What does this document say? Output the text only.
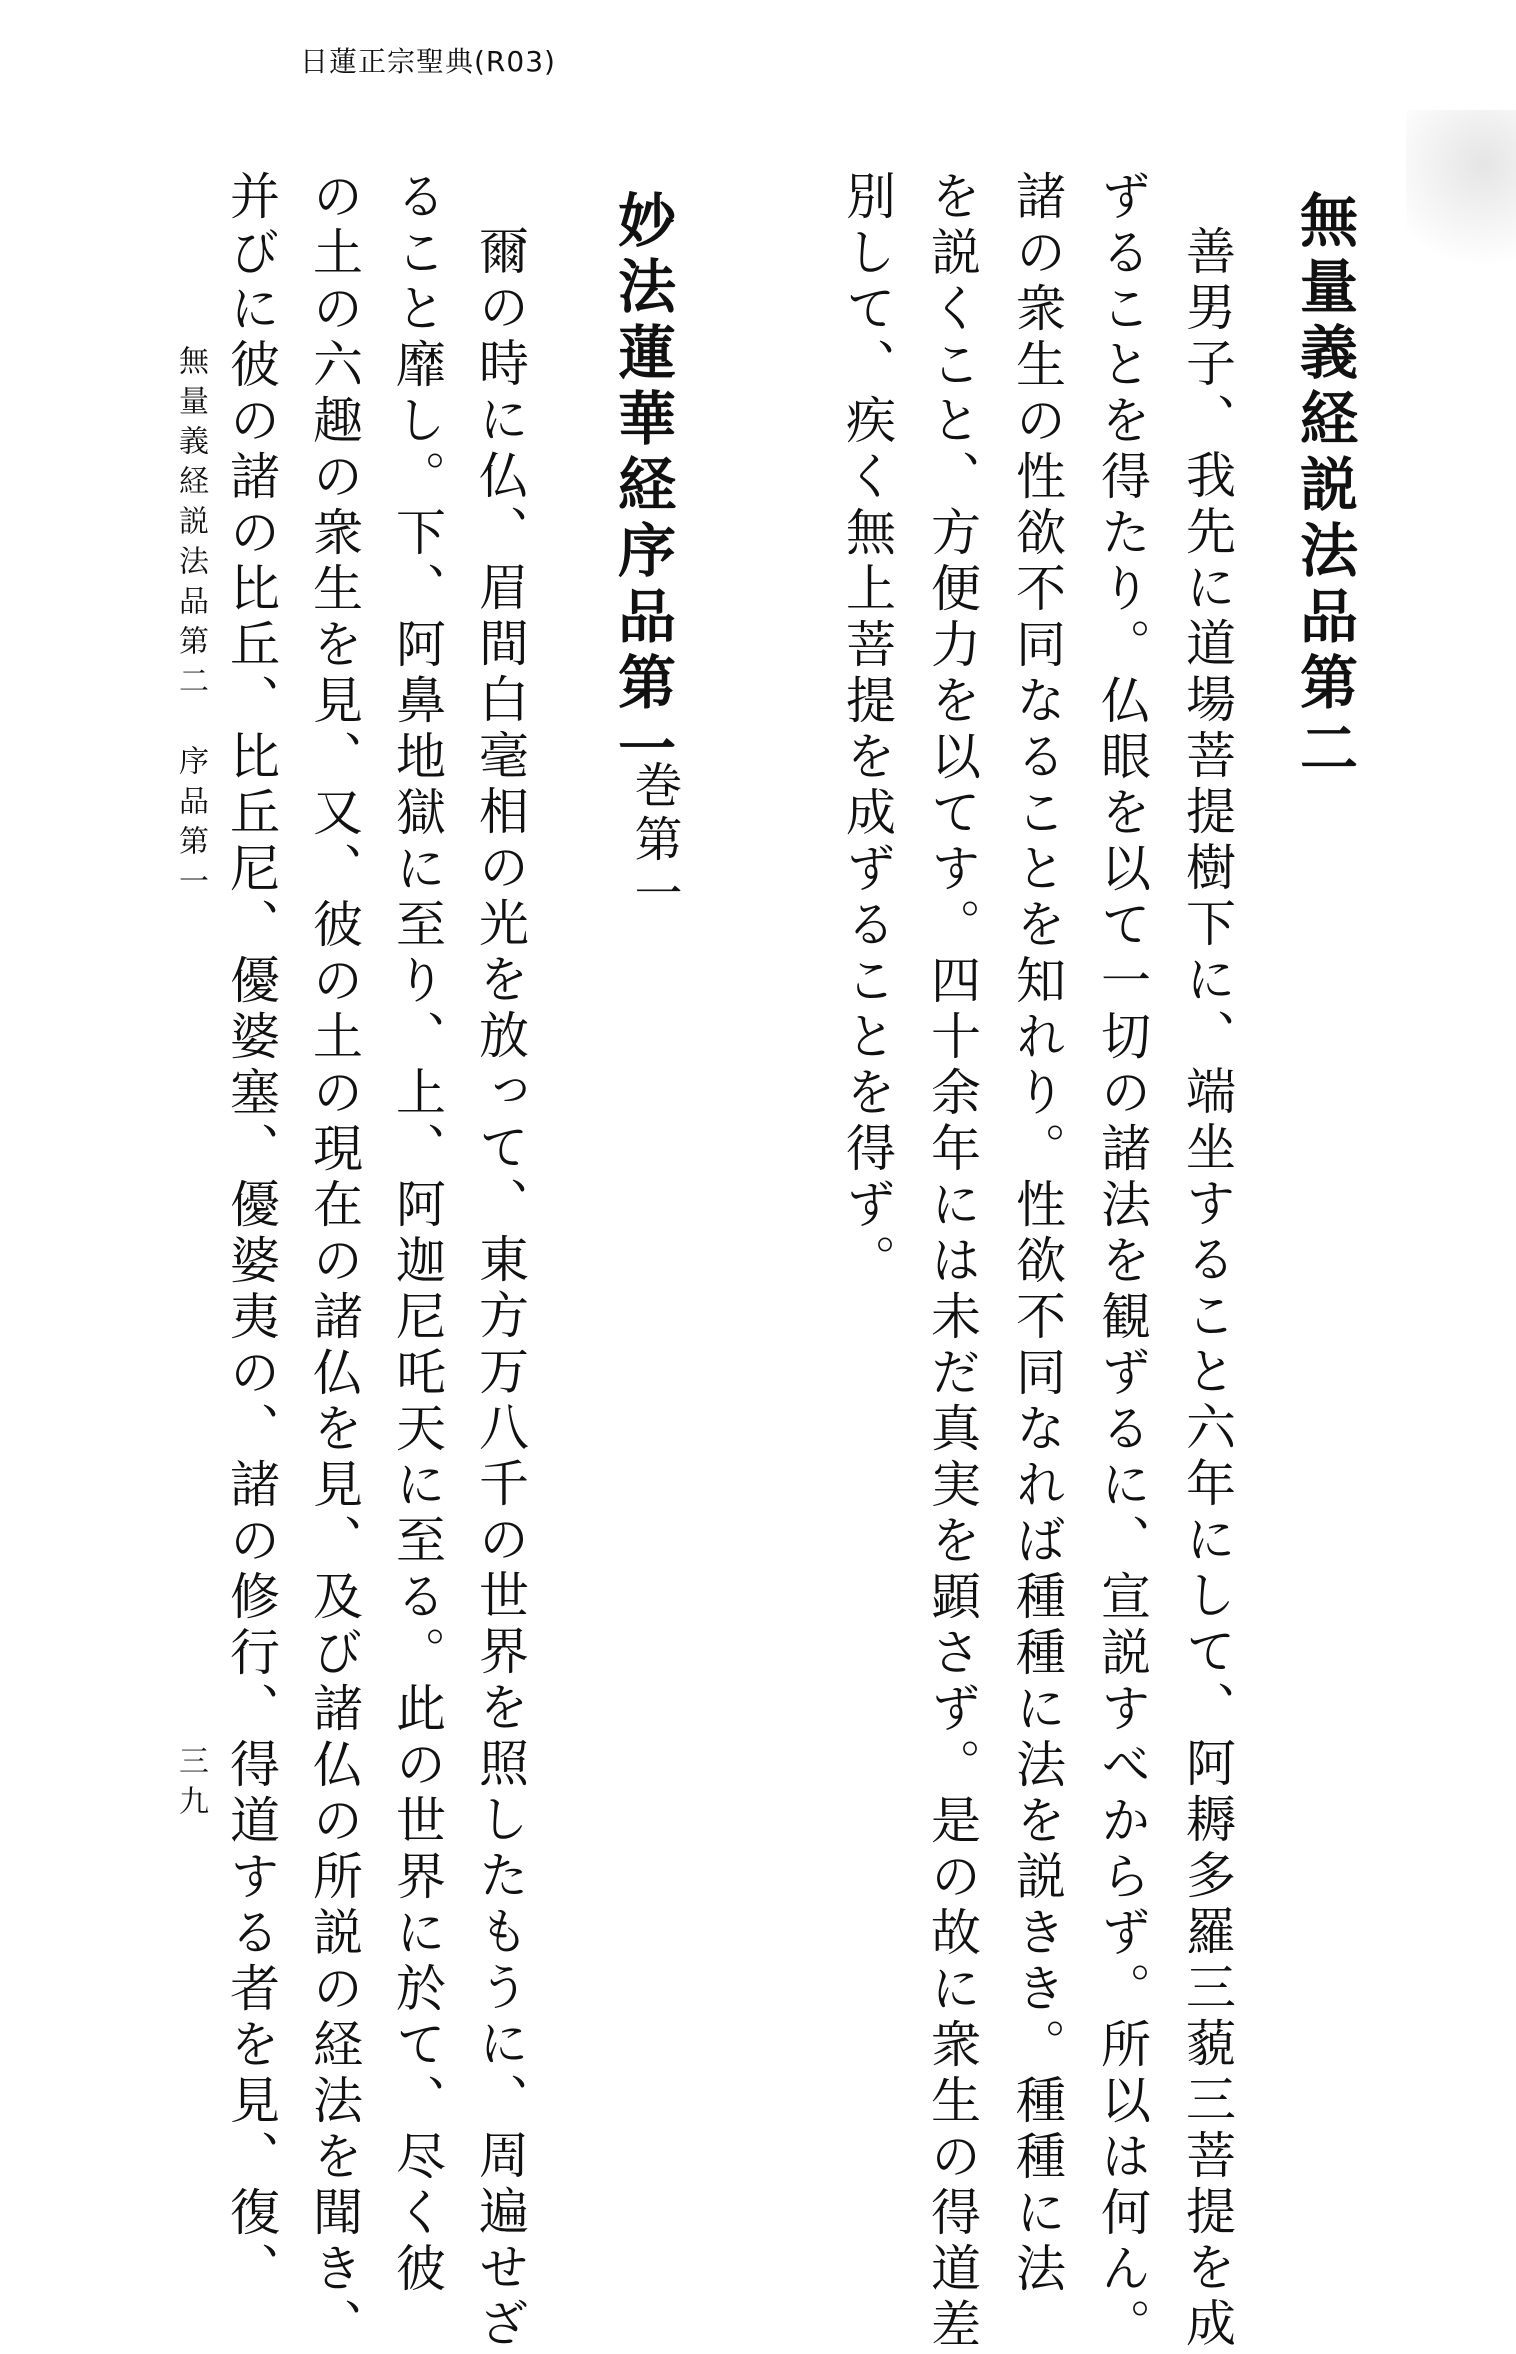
日蓮正宗聖典(R03)
無量義経説法品第二
善男子、我先に道場菩提樹下に、端坐すること六年にして、阿耨多羅三藐三菩提を成
ずることを得たり。仏眼を以て一切の諸法を観ずるに、宣説すべからず。所以は何ん。
諸の衆生の性欲不同なることを知れり。性欲不同なれば種種に法を説きき。種種に法
を説くこと、方便力を以てす。四十余年には未だ真実を顕さず。是の故に衆生の得道差
別して、疾く無上菩提を成ずることを得ず。
妙法蓮華経序品第一
巻第一
爾の時に仏、眉間白毫相の光を放って、東方万八千の世界を照したもうに、周遍せざ
ること靡し。下、阿鼻地獄に至り、上、阿迦尼吒天に至る。此の世界に於て、尽く彼
の土の六趣の衆生を見、又、彼の土の現在の諸仏を見、及び諸仏の所説の経法を聞き、
并びに彼の諸の比丘、比丘尼、優婆塞、優婆夷の、諸の修行、得道する者を見、復、
無量義経説法品第二　序品第一
三九
